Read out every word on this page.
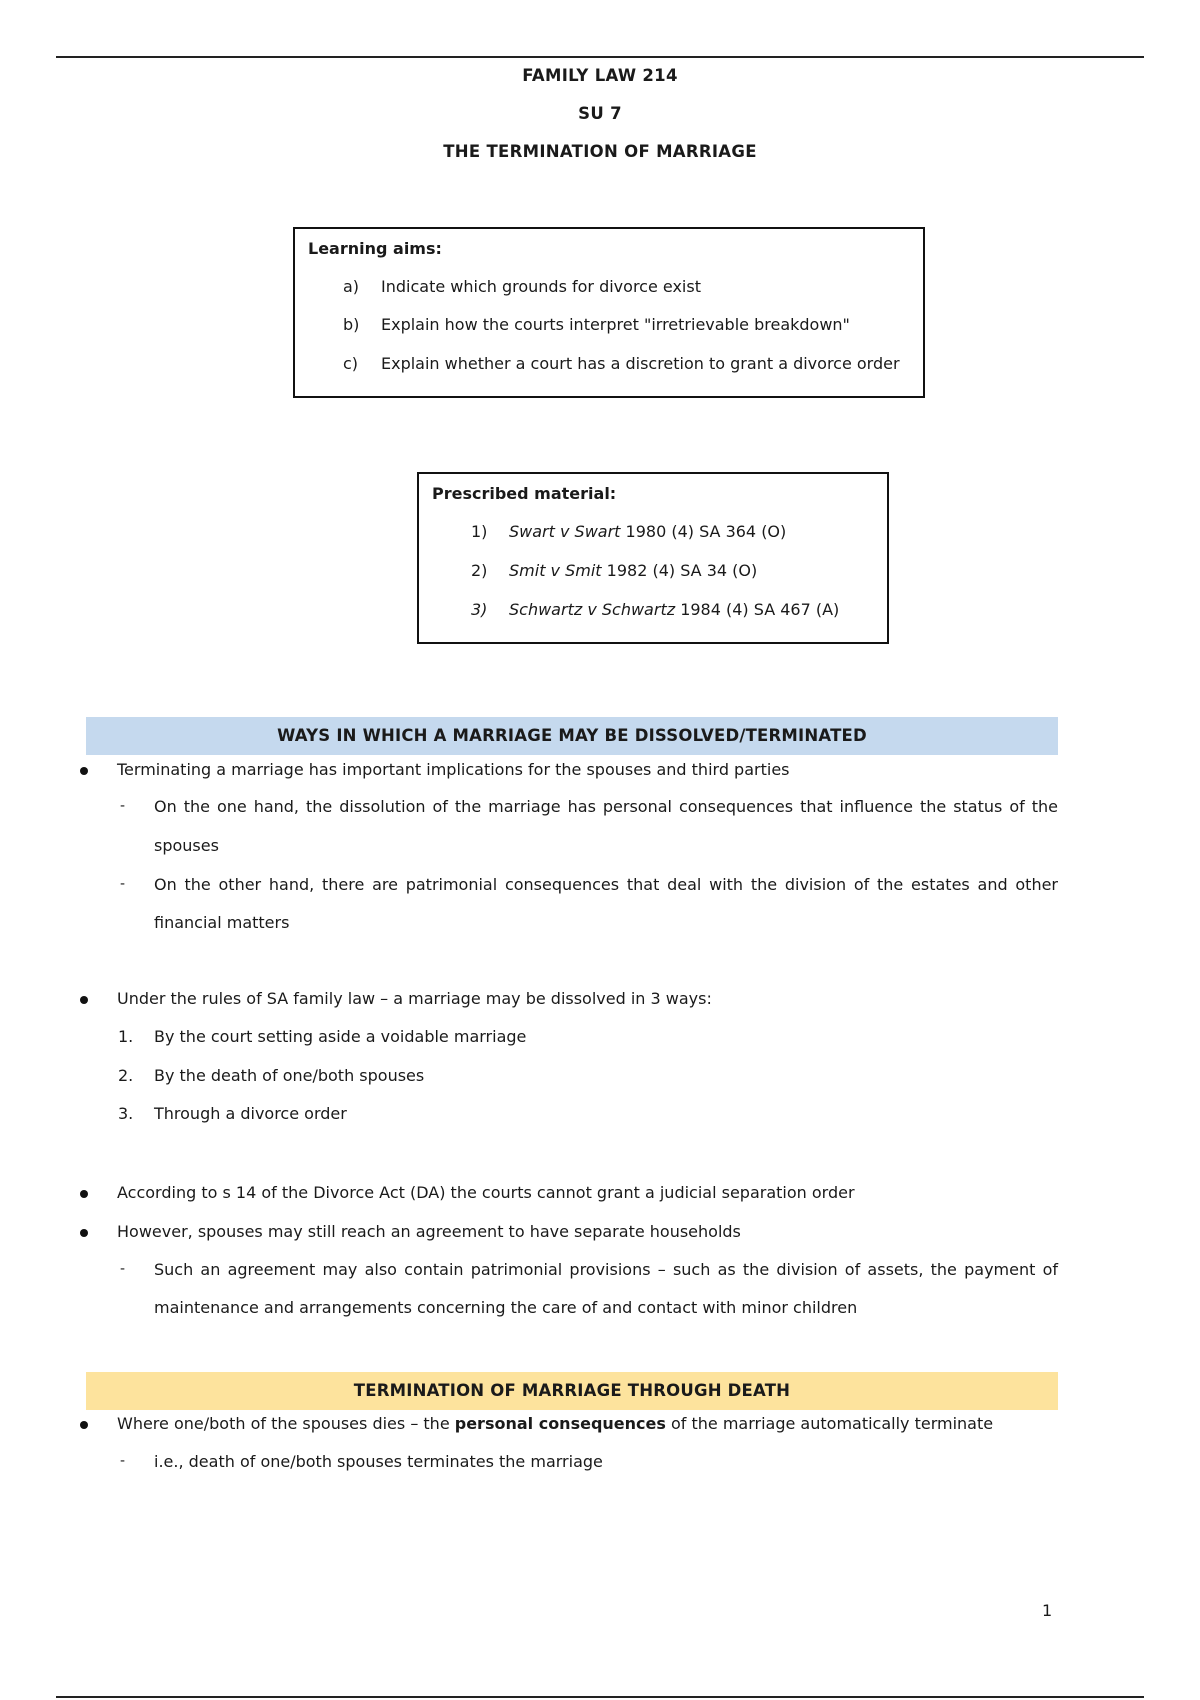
FAMILY LAW 214
SU 7
THE TERMINATION OF MARRIAGE
Learning aims:
a) Indicate which grounds for divorce exist
b) Explain how the courts interpret "irretrievable breakdown"
c) Explain whether a court has a discretion to grant a divorce order
Prescribed material:
1) Swart v Swart 1980 (4) SA 364 (O)
2) Smit v Smit 1982 (4) SA 34 (O)
3) Schwartz v Schwartz 1984 (4) SA 467 (A)
WAYS IN WHICH A MARRIAGE MAY BE DISSOLVED/TERMINATED
Terminating a marriage has important implications for the spouses and third parties
- On the one hand, the dissolution of the marriage has personal consequences that influence the status of the
spouses
- On the other hand, there are patrimonial consequences that deal with the division of the estates and other
financial matters
Under the rules of SA family law – a marriage may be dissolved in 3 ways:
1. By the court setting aside a voidable marriage
2. By the death of one/both spouses
3. Through a divorce order
According to s 14 of the Divorce Act (DA) the courts cannot grant a judicial separation order
However, spouses may still reach an agreement to have separate households
- Such an agreement may also contain patrimonial provisions – such as the division of assets, the payment of
maintenance and arrangements concerning the care of and contact with minor children
TERMINATION OF MARRIAGE THROUGH DEATH
Where one/both of the spouses dies – the personal consequences of the marriage automatically terminate
- i.e., death of one/both spouses terminates the marriage
1
